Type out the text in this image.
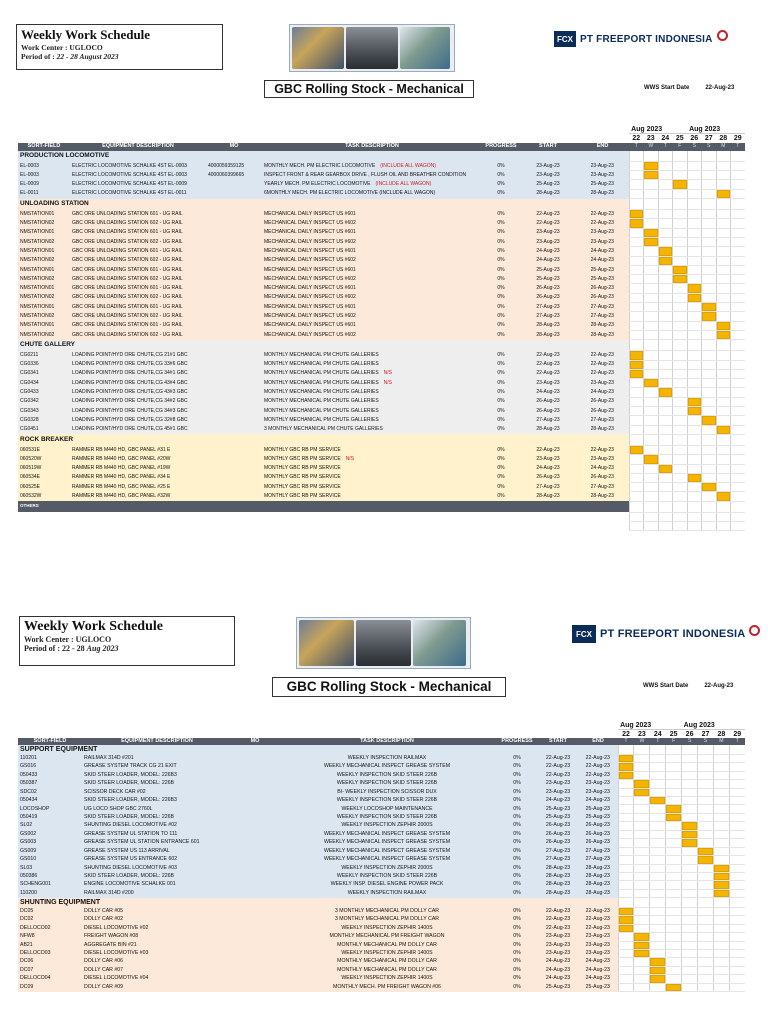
Weekly Work Schedule
Work Center : UGLOCO
Period of : 22 - 28 August 2023
FCX PT FREEPORT INDONESIA
GBC Rolling Stock - Mechanical	WWS Start Date	22-Aug-23
							Aug 2023				Aug 2023			
							22	23	24	25	26	27	28	29
SORT-FIELD	EQUIPMENT DESCRIPTION	MO	TASK DESCRIPTION	PROGRESS	START	END	T	W	T	F	S	S	M	T
PRODUCTION LOCOMOTIVE														
EL-0003	ELECTRIC LOCOMOTIVE SCHALKE 4ST EL-0003	4000059359125	MONTHLY MECH. PM ELECTRIC LOCOMOTIVE (INCLUDE ALL WAGON)	0%	23-Aug-23	23-Aug-23								
EL-0003	ELECTRIC LOCOMOTIVE SCHALKE 4ST EL-0003	4000060399665	INSPECT FRONT & REAR GEARBOX DRIVE , FLUSH OIL AND BREATHER CONDITION	0%	23-Aug-23	23-Aug-23								
EL-0009	ELECTRIC LOCOMOTIVE SCHALKE 4ST EL-0009		YEARLY MECH. PM ELECTRIC LOCOMOTIVE (INCLUDE ALL WAGON)	0%	25-Aug-23	25-Aug-23								
EL-0011	ELECTRIC LOCOMOTIVE SCHALKE 4ST EL-0011		6MONTHLY MECH. PM ELECTRIC LOCOMOTIVE (INCLUDE ALL WAGON)	0%	28-Aug-23	28-Aug-23								
UNLOADING STATION														
NMSTATION01	GBC ORE UNLOADING STATION 601 - UG RAIL		MECHANICAL DAILY INSPECT US #601	0%	22-Aug-23	22-Aug-23								
NMSTATION02	GBC ORE UNLOADING STATION 602 - UG RAIL		MECHANICAL DAILY INSPECT US #602	0%	22-Aug-23	22-Aug-23								
NMSTATION01	GBC ORE UNLOADING STATION 601 - UG RAIL		MECHANICAL DAILY INSPECT US #601	0%	23-Aug-23	23-Aug-23								
NMSTATION02	GBC ORE UNLOADING STATION 602 - UG RAIL		MECHANICAL DAILY INSPECT US #602	0%	23-Aug-23	23-Aug-23								
NMSTATION01	GBC ORE UNLOADING STATION 601 - UG RAIL		MECHANICAL DAILY INSPECT US #601	0%	24-Aug-23	24-Aug-23								
NMSTATION02	GBC ORE UNLOADING STATION 602 - UG RAIL		MECHANICAL DAILY INSPECT US #602	0%	24-Aug-23	24-Aug-23								
NMSTATION01	GBC ORE UNLOADING STATION 601 - UG RAIL		MECHANICAL DAILY INSPECT US #601	0%	25-Aug-23	25-Aug-23								
NMSTATION02	GBC ORE UNLOADING STATION 602 - UG RAIL		MECHANICAL DAILY INSPECT US #602	0%	25-Aug-23	25-Aug-23								
NMSTATION01	GBC ORE UNLOADING STATION 601 - UG RAIL		MECHANICAL DAILY INSPECT US #601	0%	26-Aug-23	26-Aug-23								
NMSTATION02	GBC ORE UNLOADING STATION 602 - UG RAIL		MECHANICAL DAILY INSPECT US #602	0%	26-Aug-23	26-Aug-23								
NMSTATION01	GBC ORE UNLOADING STATION 601 - UG RAIL		MECHANICAL DAILY INSPECT US #601	0%	27-Aug-23	27-Aug-23								
NMSTATION02	GBC ORE UNLOADING STATION 602 - UG RAIL		MECHANICAL DAILY INSPECT US #602	0%	27-Aug-23	27-Aug-23								
NMSTATION01	GBC ORE UNLOADING STATION 601 - UG RAIL		MECHANICAL DAILY INSPECT US #601	0%	28-Aug-23	28-Aug-23								
NMSTATION02	GBC ORE UNLOADING STATION 602 - UG RAIL		MECHANICAL DAILY INSPECT US #602	0%	28-Aug-23	28-Aug-23								
CHUTE GALLERY														
CG0211	LOADING POINT/HYD ORE CHUTE,CG 21#1 GBC		MONTHLY MECHANICAL PM CHUTE GALLERIES	0%	22-Aug-23	22-Aug-23								
CG0336	LOADING POINT/HYD ORE CHUTE,CG 33#6 GBC		MONTHLY MECHANICAL PM CHUTE GALLERIES	0%	22-Aug-23	22-Aug-23								
CG0341	LOADING POINT/HYD ORE CHUTE,CG 34#1 GBC		MONTHLY MECHANICAL PM CHUTE GALLERIES N/S	0%	22-Aug-23	22-Aug-23								
CG0434	LOADING POINT/HYD ORE CHUTE,CG 43#4 GBC		MONTHLY MECHANICAL PM CHUTE GALLERIES N/S	0%	23-Aug-23	23-Aug-23								
CG0433	LOADING POINT/HYD ORE CHUTE,CG 43#3 GBC		MONTHLY MECHANICAL PM CHUTE GALLERIES	0%	24-Aug-23	24-Aug-23								
CG0342	LOADING POINT/HYD ORE CHUTE,CG 34#2 GBC		MONTHLY MECHANICAL PM CHUTE GALLERIES	0%	26-Aug-23	26-Aug-23								
CG0343	LOADING POINT/HYD ORE CHUTE,CG 34#3 GBC		MONTHLY MECHANICAL PM CHUTE GALLERIES	0%	26-Aug-23	26-Aug-23								
CG0328	LOADING POINT/HYD ORE CHUTE,CG 32#8 GBC		MONTHLY MECHANICAL PM CHUTE GALLERIES	0%	27-Aug-23	27-Aug-23								
CG0451	LOADING POINT/HYD ORE CHUTE,CG 45#1 GBC		3 MONTHLY MECHANICAL PM CHUTE GALLERIES	0%	28-Aug-23	28-Aug-23								
ROCK BREAKER														
060531E	RAMMER RB M440 HD, GBC PANEL #31 E		MONTHLY GBC RB PM SERVICE	0%	22-Aug-23	22-Aug-23								
060520W	RAMMER RB M440 HD, GBC PANEL #20W		MONTHLY GBC RB PM SERVICE N/S	0%	23-Aug-23	23-Aug-23								
060519W	RAMMER RB M440 HD, GBC PANEL #19W		MONTHLY GBC RB PM SERVICE	0%	24-Aug-23	24-Aug-23								
060534E	RAMMER RB M440 HD, GBC PANEL #34 E		MONTHLY GBC RB PM SERVICE	0%	26-Aug-23	26-Aug-23								
060525E	RAMMER RB M440 HD, GBC PANEL #25 E		MONTHLY GBC RB PM SERVICE	0%	27-Aug-23	27-Aug-23								
060532W	RAMMER RB M440 HD, GBC PANEL #32W		MONTHLY GBC RB PM SERVICE	0%	28-Aug-23	28-Aug-23								
OTHERS														

Weekly Work Schedule
Work Center : UGLOCO
Period of : 22 - 28 Aug 2023
FCX PT FREEPORT INDONESIA
GBC Rolling Stock - Mechanical	WWS Start Date	22-Aug-23
							Aug 2023				Aug 2023			
							22	23	24	25	26	27	28	29
SORT-FIELD	EQUIPMENT DESCRIPTION	MO	TASK DESCRIPTION	PROGRESS	START	END	T	W	T	F	S	S	M	T
SUPPORT EQUIPMENT														
110201	RAILMAX 314D #201		WEEKLY INSPECTION RAILMAX	0%	22-Aug-23	22-Aug-23								
GS016	GREASE SYSTEM TRACK CG 21 EXIT		WEEKLY MECHANICAL INSPECT GREASE SYSTEM	0%	22-Aug-23	22-Aug-23								
050433	SKID STEER LOADER, MODEL: 226B3		WEEKLY INSPECTION SKID STEER 226B	0%	22-Aug-23	22-Aug-23								
050387	SKID STEER LOADER, MODEL: 226B		WEEKLY INSPECTION SKID STEER 226B	0%	23-Aug-23	23-Aug-23								
SDC02	SCISSOR DECK CAR #02		BI- WEEKLY INSPECTION SCISSOR DUX	0%	23-Aug-23	23-Aug-23								
050434	SKID STEER LOADER, MODEL: 226B3		WEEKLY INSPECTION SKID STEER 226B	0%	24-Aug-23	24-Aug-23								
LOCOSHOP	UG LOCO SHOP GBC 2760L		WEEKLY LOCOSHOP MAINTENANCE	0%	25-Aug-23	25-Aug-23								
050419	SKID STEER LOADER, MODEL: 226B		WEEKLY INSPECTION SKID STEER 226B	0%	25-Aug-23	25-Aug-23								
SL02	SHUNTING DIESEL LOCOMOTIVE #02		WEEKLY INSPECTION ZEPHIR 2000S	0%	26-Aug-23	26-Aug-23								
GS002	GREASE SYSTEM UL STATION TO 111		WEEKLY MECHANICAL INSPECT GREASE SYSTEM	0%	26-Aug-23	26-Aug-23								
GS003	GREASE SYSTEM UL STATION ENTRANCE 601		WEEKLY MECHANICAL INSPECT GREASE SYSTEM	0%	26-Aug-23	26-Aug-23								
GS009	GREASE SYSTEM US 113 ARRIVAL		WEEKLY MECHANICAL INSPECT GREASE SYSTEM	0%	27-Aug-23	27-Aug-23								
GS010	GREASE SYSTEM US ENTRANCE 602		WEEKLY MECHANICAL INSPECT GREASE SYSTEM	0%	27-Aug-23	27-Aug-23								
SL03	SHUNTING DIESEL LOCOMOTIVE #03		WEEKLY INSPECTION ZEPHIR 2000S	0%	28-Aug-23	28-Aug-23								
050386	SKID STEER LOADER, MODEL: 226B		WEEKLY INSPECTION SKID STEER 226B	0%	28-Aug-23	28-Aug-23								
SCHENG001	ENGINE LOCOMOTIVE SCHALKE 001		WEEKLY INSP. DIESEL ENGINE POWER PACK	0%	28-Aug-23	28-Aug-23								
110200	RAILMAX 314D #200		WEEKLY INSPECTION RAILMAX	0%	28-Aug-23	28-Aug-23								
SHUNTING EQUIPMENT														
DC05	DOLLY CAR #05		3 MONTHLY MECHANICAL PM DOLLY CAR	0%	22-Aug-23	22-Aug-23								
DC02	DOLLY CAR #02		3 MONTHLY MECHANICAL PM DOLLY CAR	0%	22-Aug-23	22-Aug-23								
DELLOCO02	DIESEL LOCOMOTIVE #02		WEEKLY INSPECTION ZEPHIR 1400S	0%	22-Aug-23	22-Aug-23								
NFW8	FREIGHT WAGON #08		MONTHLY MECHANICAL PM FREIGHT WAGON	0%	23-Aug-23	23-Aug-23								
AB21	AGGREGATE BIN #21		MONTHLY MECHANICAL PM DOLLY CAR	0%	23-Aug-23	23-Aug-23								
DELLOCO03	DIESEL LOCOMOTIVE #03		WEEKLY INSPECTION ZEPHIR 1400S	0%	23-Aug-23	23-Aug-23								
DC06	DOLLY CAR #06		MONTHLY MECHANICAL PM DOLLY CAR	0%	24-Aug-23	24-Aug-23								
DC07	DOLLY CAR #07		MONTHLY MECHANICAL PM DOLLY CAR	0%	24-Aug-23	24-Aug-23								
DELLOCO04	DIESEL LOCOMOTIVE #04		WEEKLY INSPECTION ZEPHIR 1400S	0%	24-Aug-23	24-Aug-23								
DC09	DOLLY CAR #09		MONTHLY MECH. PM FREIGHT WAGON #06	0%	25-Aug-23	25-Aug-23								
